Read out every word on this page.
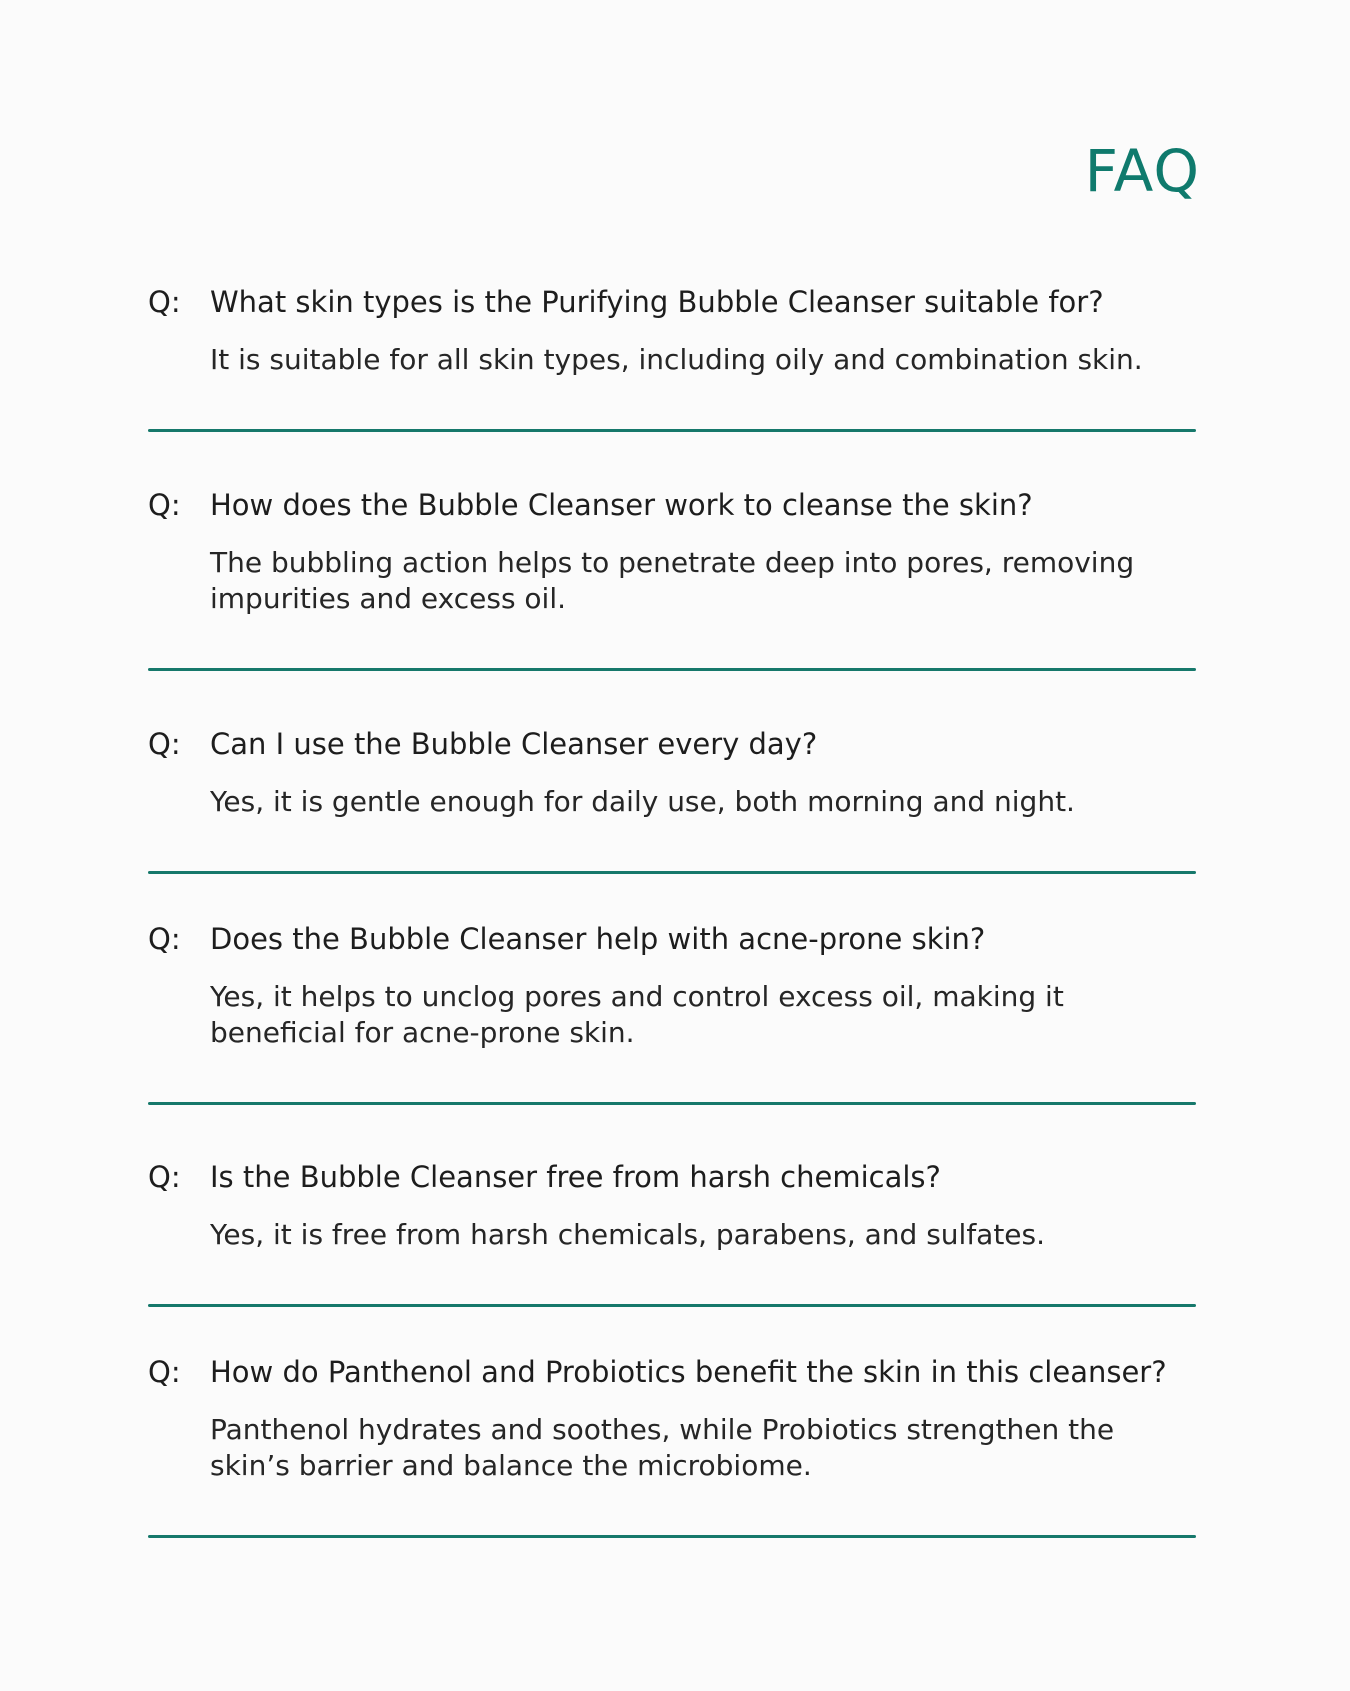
FAQ
Q: What skin types is the Purifying Bubble Cleanser suitable for?
It is suitable for all skin types, including oily and combination skin.
Q: How does the Bubble Cleanser work to cleanse the skin?
The bubbling action helps to penetrate deep into pores, removing impurities and excess oil.
Q: Can I use the Bubble Cleanser every day?
Yes, it is gentle enough for daily use, both morning and night.
Q: Does the Bubble Cleanser help with acne-prone skin?
Yes, it helps to unclog pores and control excess oil, making it beneficial for acne-prone skin.
Q: Is the Bubble Cleanser free from harsh chemicals?
Yes, it is free from harsh chemicals, parabens, and sulfates.
Q: How do Panthenol and Probiotics benefit the skin in this cleanser?
Panthenol hydrates and soothes, while Probiotics strengthen the skin’s barrier and balance the microbiome.
